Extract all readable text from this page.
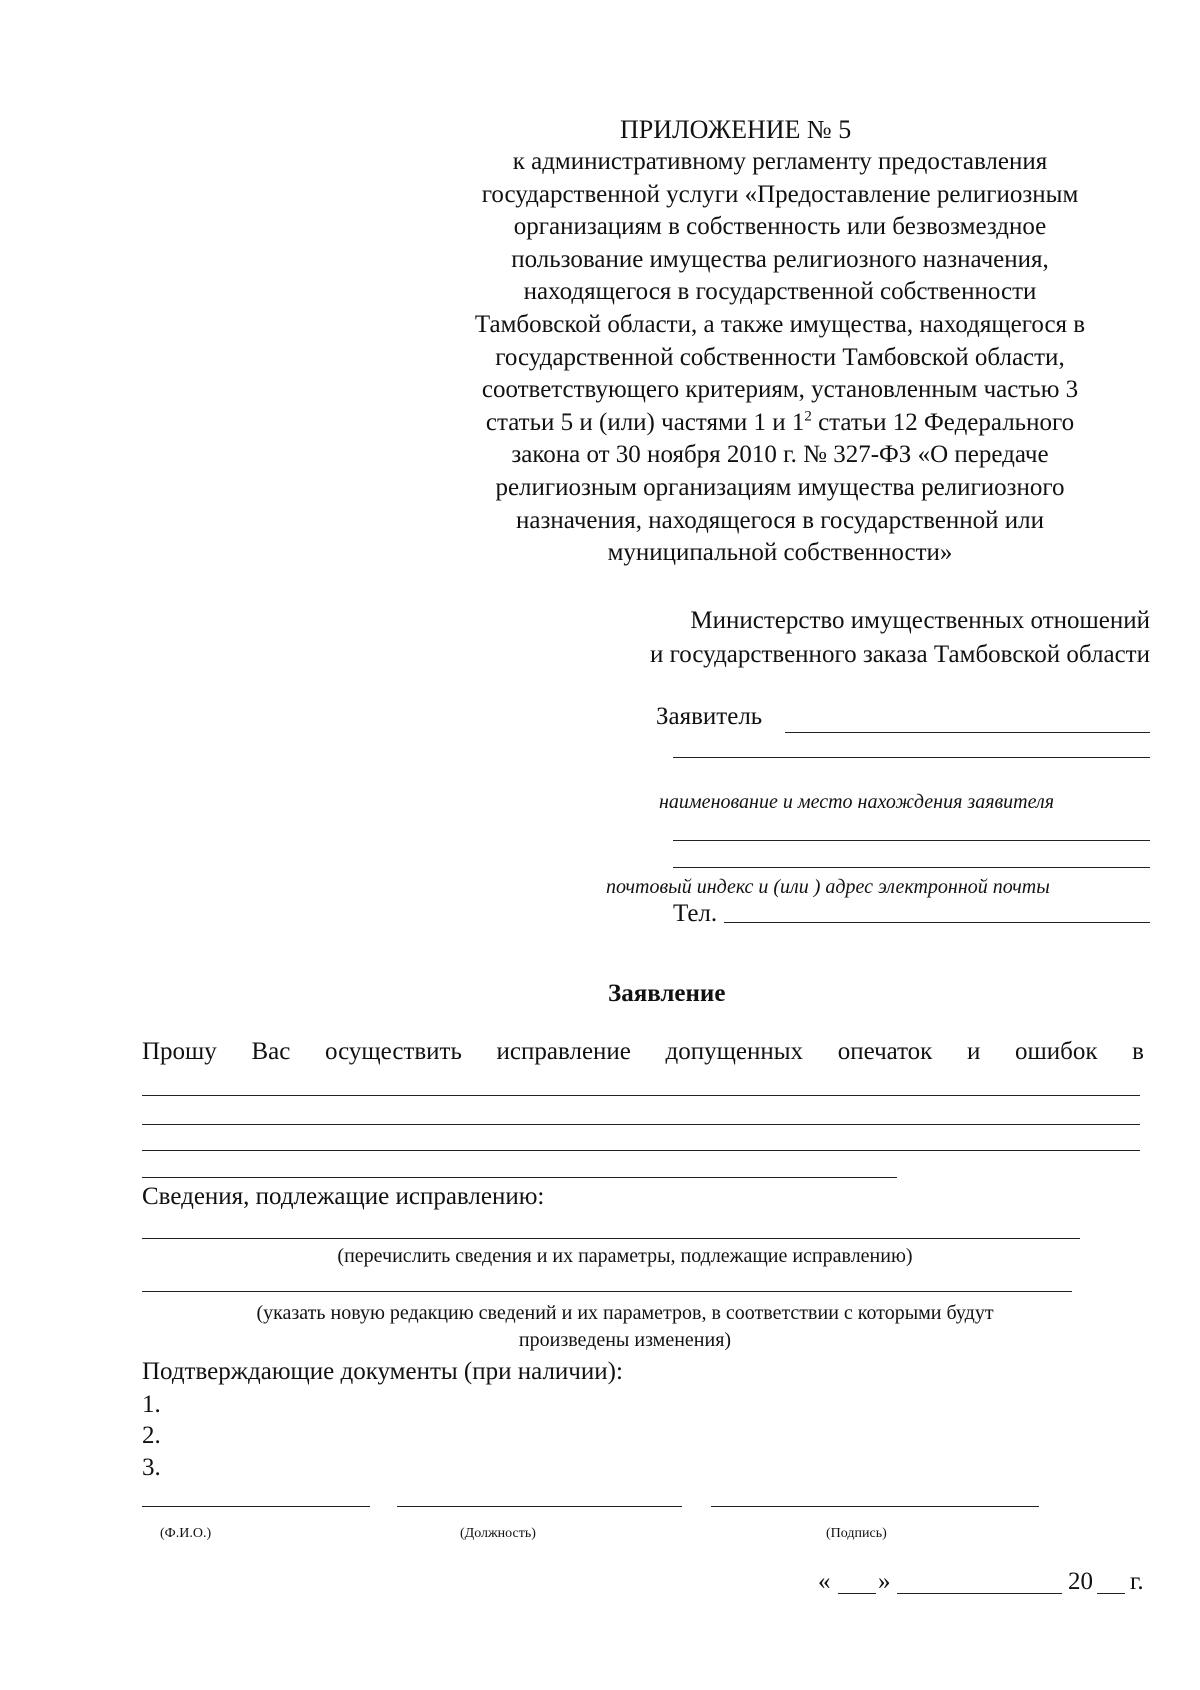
ПРИЛОЖЕНИЕ № 5
к административному регламенту предоставления
государственной услуги «Предоставление религиозным
организациям в собственность или безвозмездное
пользование имущества религиозного назначения,
находящегося в государственной собственности
Тамбовской области, а также имущества, находящегося в
государственной собственности Тамбовской области,
соответствующего критериям, установленным частью 3
статьи 5 и (или) частями 1 и $1^2$ статьи 12 Федерального
закона от 30 ноября 2010 г. № 327-ФЗ «О передаче
религиозным организациям имущества религиозного
назначения, находящегося в государственной или
муниципальной собственности»
Министерство имущественных отношений
и государственного заказа Тамбовской области
Заявитель
наименование и место нахождения заявителя
почтовый индекс и (или ) адрес электронной почты
Тел.
Заявление
Прошу Вас осуществить исправление допущенных опечаток и ошибок в
Сведения, подлежащие исправлению:
(перечислить сведения и их параметры, подлежащие исправлению)
(указать новую редакцию сведений и их параметров, в соответствии с которыми будут
произведены изменения)
Подтверждающие документы (при наличии):
1.
2.
3.
(Ф.И.О.)	(Должность)	(Подпись)
« »	20 г.
